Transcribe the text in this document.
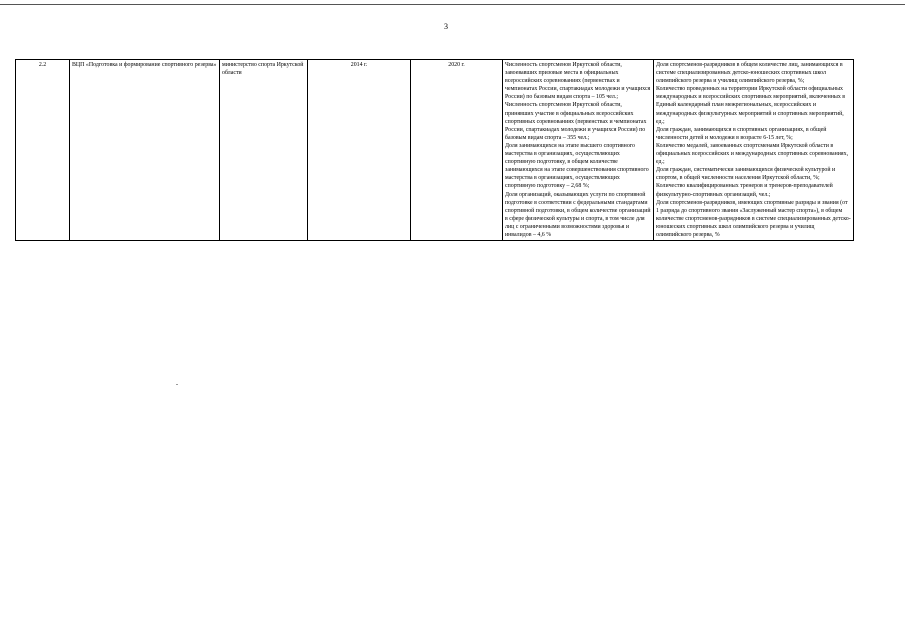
3
2.2	ВЦП «Подготовка и формирование спортивного резерва»	министерство спорта Иркутской области	2014 г.	2020 г.	Численность спортсменов Иркутской области, завоевавших призовые места в официальных всероссийских соревнованиях (первенствах и чемпионатах России, спартакиадах молодежи и учащихся России) по базовым видам спорта – 105 чел.;
Численность спортсменов Иркутской области, принявших участие в официальных всероссийских спортивных соревнованиях (первенствах и чемпионатах России, спартакиадах молодежи и учащихся России) по базовым видам спорта – 355 чел.;
Доля занимающихся на этапе высшего спортивного мастерства в организациях, осуществляющих спортивную подготовку, в общем количестве занимающихся на этапе совершенствования спортивного мастерства в организациях, осуществляющих спортивную подготовку – 2,68 %;
Доля организаций, оказывающих услуги по спортивной подготовке в соответствии с федеральными стандартами спортивной подготовки, в общем количестве организаций в сфере физической культуры и спорта, в том числе для лиц с ограниченными возможностями здоровья и инвалидов – 4,6 %	Доля спортсменов-разрядников в общем количестве лиц, занимающихся в системе специализированных детско-юношеских спортивных школ олимпийского резерва и училищ олимпийского резерва, %;
Количество проведенных на территории Иркутской области официальных международных и всероссийских спортивных мероприятий, включенных в Единый календарный план межрегиональных, всероссийских и международных физкультурных мероприятий и спортивных мероприятий, ед.;
Доля граждан, занимающихся в спортивных организациях, в общей численности детей и молодежи в возрасте 6-15 лет, %;
Количество медалей, завоеванных спортсменами Иркутской области в официальных всероссийских и международных спортивных соревнованиях, ед.;
Доля граждан, систематически занимающихся физической культурой и спортом, в общей численности населения Иркутской области, %;
Количество квалифицированных тренеров и тренеров-преподавателей физкультурно-спортивных организаций, чел.;
Доля спортсменов-разрядников, имеющих спортивные разряды и звания (от 1 разряда до спортивного звания «Заслуженный мастер спорта»), в общем количестве спортсменов-разрядников в системе специализированных детско-юношеских спортивных школ олимпийского резерва и училищ олимпийского резерва, %
